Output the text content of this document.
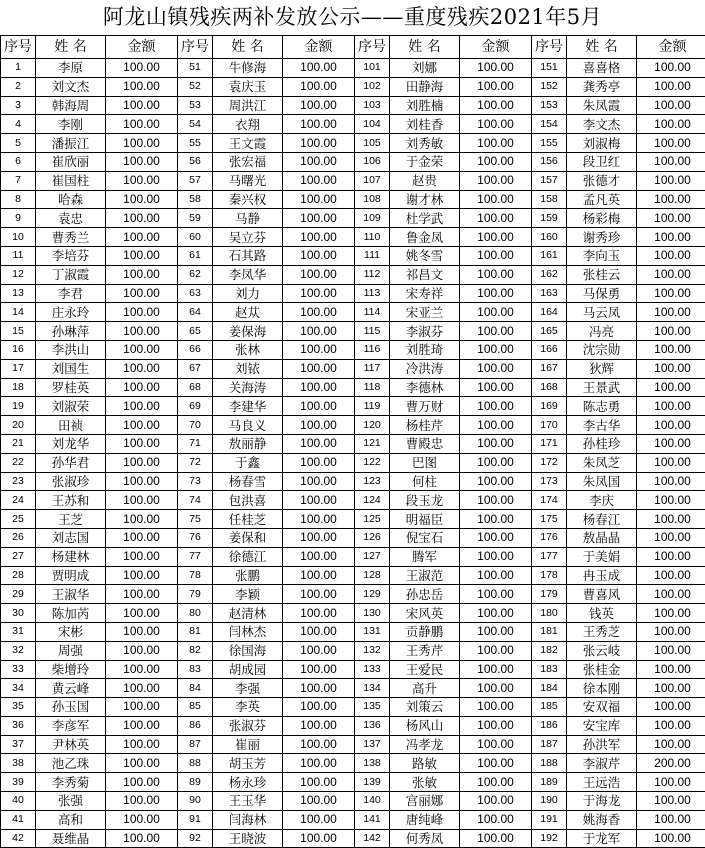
阿龙山镇残疾两补发放公示——重度残疾2021年5月
序号	姓 名	金额	序号	姓 名	金额	序号	姓 名	金额	序号	姓 名	金额
1	李原	100.00	51	牛修海	100.00	101	刘娜	100.00	151	喜喜格	100.00
2	刘文杰	100.00	52	袁庆玉	100.00	102	田静海	100.00	152	龚秀亭	100.00
3	韩海周	100.00	53	周洪江	100.00	103	刘胜楠	100.00	153	朱凤霞	100.00
4	李刚	100.00	54	衣翔	100.00	104	刘桂香	100.00	154	李文杰	100.00
5	潘振江	100.00	55	王文霞	100.00	105	刘秀敏	100.00	155	刘淑梅	100.00
6	崔欣丽	100.00	56	张宏福	100.00	106	于金荣	100.00	156	段卫红	100.00
7	崔国柱	100.00	57	马曙光	100.00	107	赵贵	100.00	157	张德才	100.00
8	哈森	100.00	58	秦兴权	100.00	108	谢才林	100.00	158	孟凡英	100.00
9	袁忠	100.00	59	马静	100.00	109	杜学武	100.00	159	杨彩梅	100.00
10	曹秀兰	100.00	60	吴立芬	100.00	110	鲁金凤	100.00	160	谢秀珍	100.00
11	李培芬	100.00	61	石其路	100.00	111	姚冬雪	100.00	161	李向玉	100.00
12	丁淑霞	100.00	62	李凤华	100.00	112	祁昌文	100.00	162	张桂云	100.00
13	李君	100.00	63	刘力	100.00	113	宋寿祥	100.00	163	马保勇	100.00
14	庄永玲	100.00	64	赵苁	100.00	114	宋亚兰	100.00	164	马云凤	100.00
15	孙琳萍	100.00	65	姜保海	100.00	115	李淑芬	100.00	165	冯亮	100.00
16	李洪山	100.00	66	张林	100.00	116	刘胜琦	100.00	166	沈宗勋	100.00
17	刘国生	100.00	67	刘铱	100.00	117	冷洪涛	100.00	167	狄辉	100.00
18	罗桂英	100.00	68	关海涛	100.00	118	李德林	100.00	168	王景武	100.00
19	刘淑荣	100.00	69	李建华	100.00	119	曹万财	100.00	169	陈志勇	100.00
20	田祯	100.00	70	马良义	100.00	120	杨桂芹	100.00	170	李古华	100.00
21	刘龙华	100.00	71	敖丽静	100.00	121	曹殿忠	100.00	171	孙桂珍	100.00
22	孙华君	100.00	72	于鑫	100.00	122	巴图	100.00	172	朱凤芝	100.00
23	张淑珍	100.00	73	杨春雪	100.00	123	何柱	100.00	173	朱凤国	100.00
24	王苏和	100.00	74	包洪喜	100.00	124	段玉龙	100.00	174	李庆	100.00
25	王芝	100.00	75	任桂芝	100.00	125	明福臣	100.00	175	杨春江	100.00
26	刘志国	100.00	76	姜保和	100.00	126	倪宝石	100.00	176	敖晶晶	100.00
27	杨建林	100.00	77	徐德江	100.00	127	腾军	100.00	177	于美娟	100.00
28	贾明成	100.00	78	张鹏	100.00	128	王淑范	100.00	178	冉玉成	100.00
29	王淑华	100.00	79	李颖	100.00	129	孙忠岳	100.00	179	曹喜风	100.00
30	陈加芮	100.00	80	赵清林	100.00	130	宋风英	100.00	180	钱英	100.00
31	宋彬	100.00	81	闫林杰	100.00	131	贡静鹏	100.00	181	王秀芝	100.00
32	周强	100.00	82	徐国海	100.00	132	王秀芹	100.00	182	张云岐	100.00
33	柴增玲	100.00	83	胡成园	100.00	133	王爱民	100.00	183	张桂金	100.00
34	黄云峰	100.00	84	李强	100.00	134	高升	100.00	184	徐本刚	100.00
35	孙玉国	100.00	85	李英	100.00	135	刘策云	100.00	185	安双福	100.00
36	李彦军	100.00	86	张淑芬	100.00	136	杨风山	100.00	186	安宝库	100.00
37	尹林英	100.00	87	崔丽	100.00	137	冯孝龙	100.00	187	孙洪军	100.00
38	池乙珠	100.00	88	胡玉芳	100.00	138	路敏	100.00	188	李淑芹	200.00
39	李秀菊	100.00	89	杨永珍	100.00	139	张敏	100.00	189	王远浩	100.00
40	张强	100.00	90	王玉华	100.00	140	宫丽娜	100.00	190	于海龙	100.00
41	高和	100.00	91	闫海林	100.00	141	唐纯峰	100.00	191	姚海香	100.00
42	聂维晶	100.00	92	王晓波	100.00	142	何秀凤	100.00	192	于龙军	100.00
